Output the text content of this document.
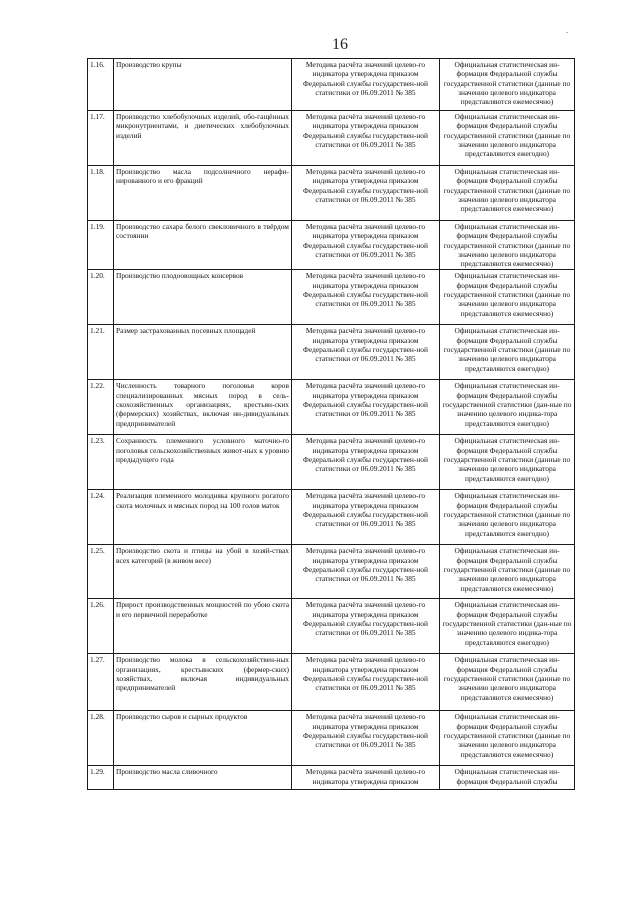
.
16
1.16.	Производство крупы	Методика расчёта значений целево-го индикатора утверждена приказом Федеральной службы государствен-ной статистики от 06.09.2011 № 385	Официальная статистическая ин-формация Федеральной службы государственной статистики (данные по значению целевого индикатора представляются ежемесячно)
1.17.	Производство хлебобулочных изделий, обо-гащённых микронутриентами, и диетических хлебобулочных изделий	Методика расчёта значений целево-го индикатора утверждена приказом Федеральной службы государствен-ной статистики от 06.09.2011 № 385	Официальная статистическая ин-формация Федеральной службы государственной статистики (данные по значению целевого индикатора представляются ежегодно)
1.18.	Производство масла подсолнечного нерафи-нированного и его фракций	Методика расчёта значений целево-го индикатора утверждена приказом Федеральной службы государствен-ной статистики от 06.09.2011 № 385	Официальная статистическая ин-формация Федеральной службы государственной статистики (данные по значению целевого индикатора представляются ежемесячно)
1.19.	Производство сахара белого свекловичного в твёрдом состоянии	Методика расчёта значений целево-го индикатора утверждена приказом Федеральной службы государствен-ной статистики от 06.09.2011 № 385	Официальная статистическая ин-формация Федеральной службы государственной статистики (данные по значению целевого индикатора представляются ежемесячно)
1.20.	Производство плодоовощных консервов	Методика расчёта значений целево-го индикатора утверждена приказом Федеральной службы государствен-ной статистики от 06.09.2011 № 385	Официальная статистическая ин-формация Федеральной службы государственной статистики (данные по значению целевого индикатора представляются ежемесячно)
1.21.	Размер застрахованных посевных площадей	Методика расчёта значений целево-го индикатора утверждена приказом Федеральной службы государствен-ной статистики от 06.09.2011 № 385	Официальная статистическая ин-формация Федеральной службы государственной статистики (данные по значению целевого индикатора представляются ежегодно)
1.22.	Численность товарного поголовья коров специализированных мясных пород в сель-скохозяйственных организациях, крестьян-ских (фермерских) хозяйствах, включая ин-дивидуальных предпринимателей	Методика расчёта значений целево-го индикатора утверждена приказом Федеральной службы государствен-ной статистики от 06.09.2011 № 385	Официальная статистическая ин-формация Федеральной службы государственной статистики (дан-ные по значению целевого индика-тора представляются ежегодно)
1.23.	Сохранность племенного условного маточно-го поголовья сельскохозяйственных живот-ных к уровню предыдущего года	Методика расчёта значений целево-го индикатора утверждена приказом Федеральной службы государствен-ной статистики от 06.09.2011 № 385	Официальная статистическая ин-формация Федеральной службы государственной статистики (данные по значению целевого индикатора представляются ежегодно)
1.24.	Реализация племенного молодняка крупного рогатого скота молочных и мясных пород на 100 голов маток	Методика расчёта значений целево-го индикатора утверждена приказом Федеральной службы государствен-ной статистики от 06.09.2011 № 385	Официальная статистическая ин-формация Федеральной службы государственной статистики (данные по значению целевого индикатора представляются ежегодно)
1.25.	Производство скота и птицы на убой в хозяй-ствах всех категорий (в живом весе)	Методика расчёта значений целево-го индикатора утверждена приказом Федеральной службы государствен-ной статистики от 06.09.2011 № 385	Официальная статистическая ин-формация Федеральной службы государственной статистики (данные по значению целевого индикатора представляются ежемесячно)
1.26.	Прирост производственных мощностей по убою скота и его первичной переработке	Методика расчёта значений целево-го индикатора утверждена приказом Федеральной службы государствен-ной статистики от 06.09.2011 № 385	Официальная статистическая ин-формация Федеральной службы государственной статистики (дан-ные по значению целевого индика-тора представляются ежегодно)
1.27.	Производство молока в сельскохозяйствен-ных организациях, крестьянских (фермер-ских) хозяйствах, включая индивидуальных предпринимателей	Методика расчёта значений целево-го индикатора утверждена приказом Федеральной службы государствен-ной статистики от 06.09.2011 № 385	Официальная статистическая ин-формация Федеральной службы государственной статистики (данные по значению целевого индикатора представляются ежемесячно)
1.28.	Производство сыров и сырных продуктов	Методика расчёта значений целево-го индикатора утверждена приказом Федеральной службы государствен-ной статистики от 06.09.2011 № 385	Официальная статистическая ин-формация Федеральной службы государственной статистики (данные по значению целевого индикатора представляются ежемесячно)
1.29.	Производство масла сливочного	Методика расчёта значений целево-го индикатора утверждена приказом	Официальная статистическая ин-формация Федеральной службы
